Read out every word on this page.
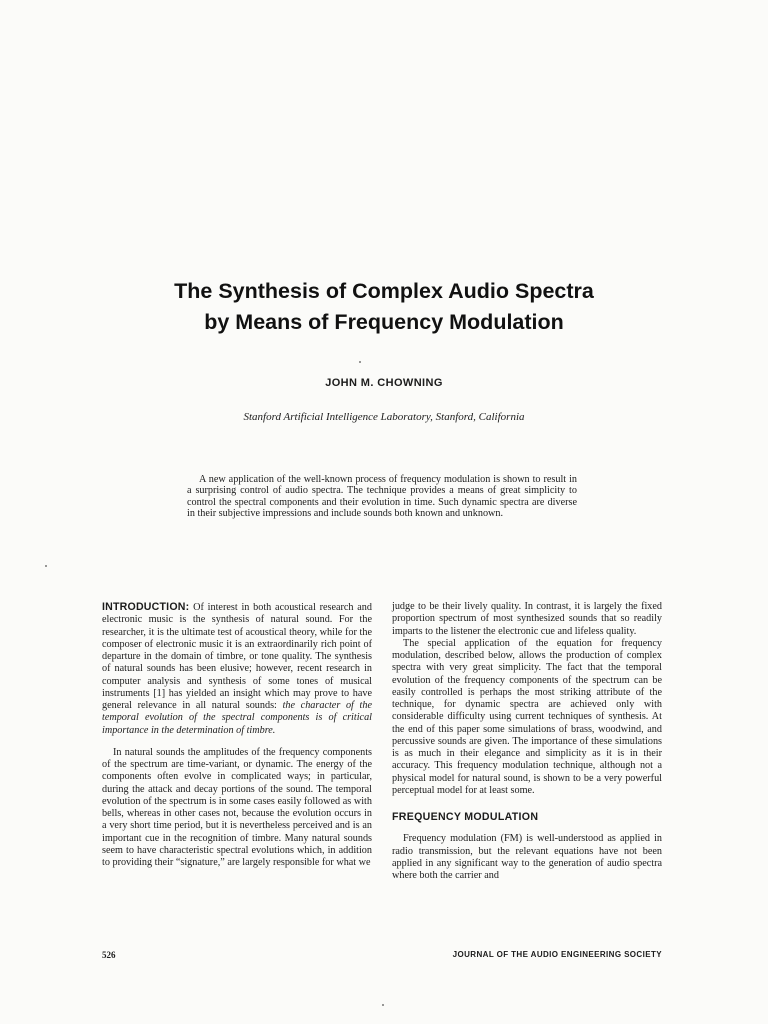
The Synthesis of Complex Audio Spectra
by Means of Frequency Modulation

JOHN M. CHOWNING

Stanford Artificial Intelligence Laboratory, Stanford, California

A new application of the well-known process of frequency modulation is shown to result in a surprising control of audio spectra. The technique provides a means of great simplicity to control the spectral components and their evolution in time. Such dynamic spectra are diverse in their subjective impressions and include sounds both known and unknown.

INTRODUCTION: Of interest in both acoustical research and electronic music is the synthesis of natural sound. For the researcher, it is the ultimate test of acoustical theory, while for the composer of electronic music it is an extraordinarily rich point of departure in the domain of timbre, or tone quality. The synthesis of natural sounds has been elusive; however, recent research in computer analysis and synthesis of some tones of musical instruments [1] has yielded an insight which may prove to have general relevance in all natural sounds: the character of the temporal evolution of the spectral components is of critical importance in the determination of timbre.

In natural sounds the amplitudes of the frequency components of the spectrum are time-variant, or dynamic. The energy of the components often evolve in complicated ways; in particular, during the attack and decay portions of the sound. The temporal evolution of the spectrum is in some cases easily followed as with bells, whereas in other cases not, because the evolution occurs in a very short time period, but it is nevertheless perceived and is an important cue in the recognition of timbre. Many natural sounds seem to have characteristic spectral evolutions which, in addition to providing their “signature,” are largely responsible for what we

judge to be their lively quality. In contrast, it is largely the fixed proportion spectrum of most synthesized sounds that so readily imparts to the listener the electronic cue and lifeless quality.

The special application of the equation for frequency modulation, described below, allows the production of complex spectra with very great simplicity. The fact that the temporal evolution of the frequency components of the spectrum can be easily controlled is perhaps the most striking attribute of the technique, for dynamic spectra are achieved only with considerable difficulty using current techniques of synthesis. At the end of this paper some simulations of brass, woodwind, and percussive sounds are given. The importance of these simulations is as much in their elegance and simplicity as it is in their accuracy. This frequency modulation technique, although not a physical model for natural sound, is shown to be a very powerful perceptual model for at least some.

FREQUENCY MODULATION

Frequency modulation (FM) is well-understood as applied in radio transmission, but the relevant equations have not been applied in any significant way to the generation of audio spectra where both the carrier and

526	JOURNAL OF THE AUDIO ENGINEERING SOCIETY
